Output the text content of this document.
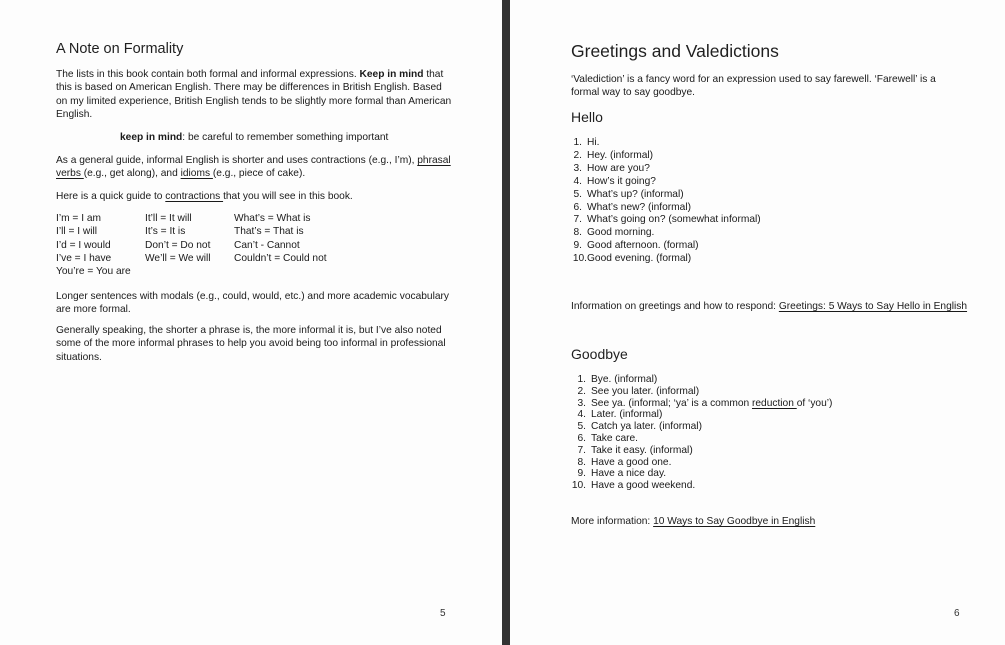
A Note on Formality

The lists in this book contain both formal and informal expressions. Keep in mind that

this is based on American English. There may be differences in British English. Based

on my limited experience, British English tends to be slightly more formal than American

English.

keep in mind: be careful to remember something important

As a general guide, informal English is shorter and uses contractions (e.g., I’m), phrasal

verbs (e.g., get along), and idioms (e.g., piece of cake).

Here is a quick guide to contractions that you will see in this book.
I’m = I am
I’ll = I will
I’d = I would
I’ve = I have
You’re = You are
It’ll = It will
It’s = It is
Don’t = Do not
We’ll = We will
What’s = What is
That’s = That is
Can’t - Cannot
Couldn’t = Could not

Longer sentences with modals (e.g., could, would, etc.) and more academic vocabulary

are more formal.

Generally speaking, the shorter a phrase is, the more informal it is, but I’ve also noted

some of the more informal phrases to help you avoid being too informal in professional

situations.

5
Greetings and Valedictions

‘Valediction’ is a fancy word for an expression used to say farewell. ‘Farewell’ is a

formal way to say goodbye.

Hello
1. Hi.
2. Hey. (informal)
3. How are you?
4. How’s it going?
5. What’s up? (informal)
6. What’s new? (informal)
7. What’s going on? (somewhat informal)
8. Good morning.
9. Good afternoon. (formal)
10.Good evening. (formal)
Information on greetings and how to respond: Greetings: 5 Ways to Say Hello in English
Goodbye
1. Bye. (informal)
2. See you later. (informal)
3. See ya. (informal; ‘ya’ is a common reduction of ‘you’)
4. Later. (informal)
5. Catch ya later. (informal)
6. Take care.
7. Take it easy. (informal)
8. Have a good one.
9. Have a nice day.
10. Have a good weekend.
More information: 10 Ways to Say Goodbye in English
6
